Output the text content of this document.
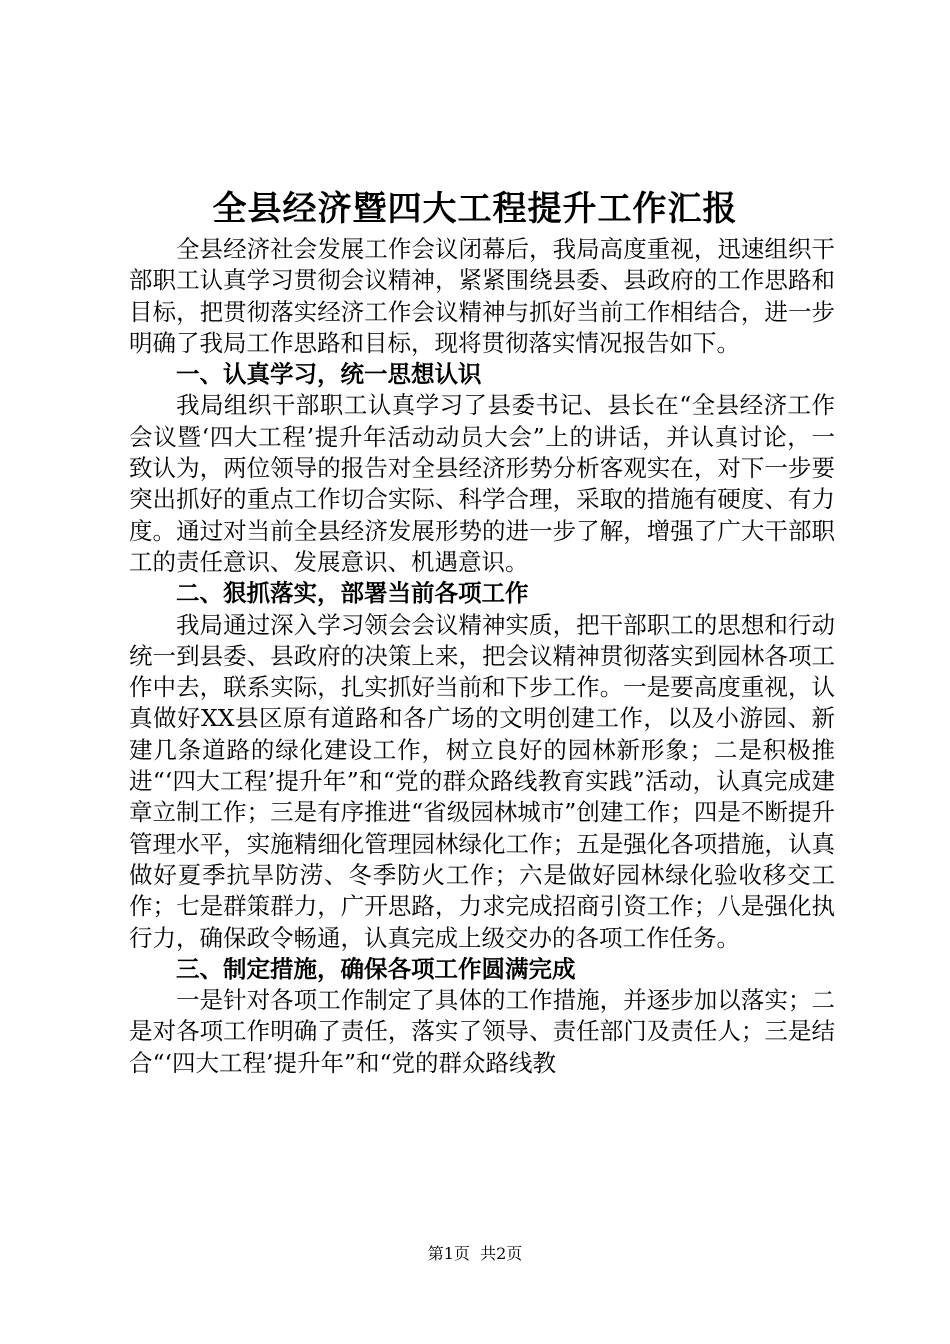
全县经济暨四大工程提升工作汇报

全县经济社会发展工作会议闭幕后，我局高度重视，迅速组织干部职工认真学习贯彻会议精神，紧紧围绕县委、县政府的工作思路和目标，把贯彻落实经济工作会议精神与抓好当前工作相结合，进一步明确了我局工作思路和目标，现将贯彻落实情况报告如下。

一、认真学习，统一思想认识

我局组织干部职工认真学习了县委书记、县长在“全县经济工作会议暨‘四大工程’提升年活动动员大会”上的讲话，并认真讨论，一致认为，两位领导的报告对全县经济形势分析客观实在，对下一步要突出抓好的重点工作切合实际、科学合理，采取的措施有硬度、有力度。通过对当前全县经济发展形势的进一步了解，增强了广大干部职工的责任意识、发展意识、机遇意识。

二、狠抓落实，部署当前各项工作

我局通过深入学习领会会议精神实质，把干部职工的思想和行动统一到县委、县政府的决策上来，把会议精神贯彻落实到园林各项工作中去，联系实际，扎实抓好当前和下步工作。一是要高度重视，认真做好XX县区原有道路和各广场的文明创建工作，以及小游园、新建几条道路的绿化建设工作，树立良好的园林新形象；二是积极推进“‘四大工程’提升年”和“党的群众路线教育实践”活动，认真完成建章立制工作；三是有序推进“省级园林城市”创建工作；四是不断提升管理水平，实施精细化管理园林绿化工作；五是强化各项措施，认真做好夏季抗旱防涝、冬季防火工作；六是做好园林绿化验收移交工作；七是群策群力，广开思路，力求完成招商引资工作；八是强化执行力，确保政令畅通，认真完成上级交办的各项工作任务。

三、制定措施，确保各项工作圆满完成

一是针对各项工作制定了具体的工作措施，并逐步加以落实；二是对各项工作明确了责任，落实了领导、责任部门及责任人；三是结合“‘四大工程’提升年”和“党的群众路线教

第1页 共2页
